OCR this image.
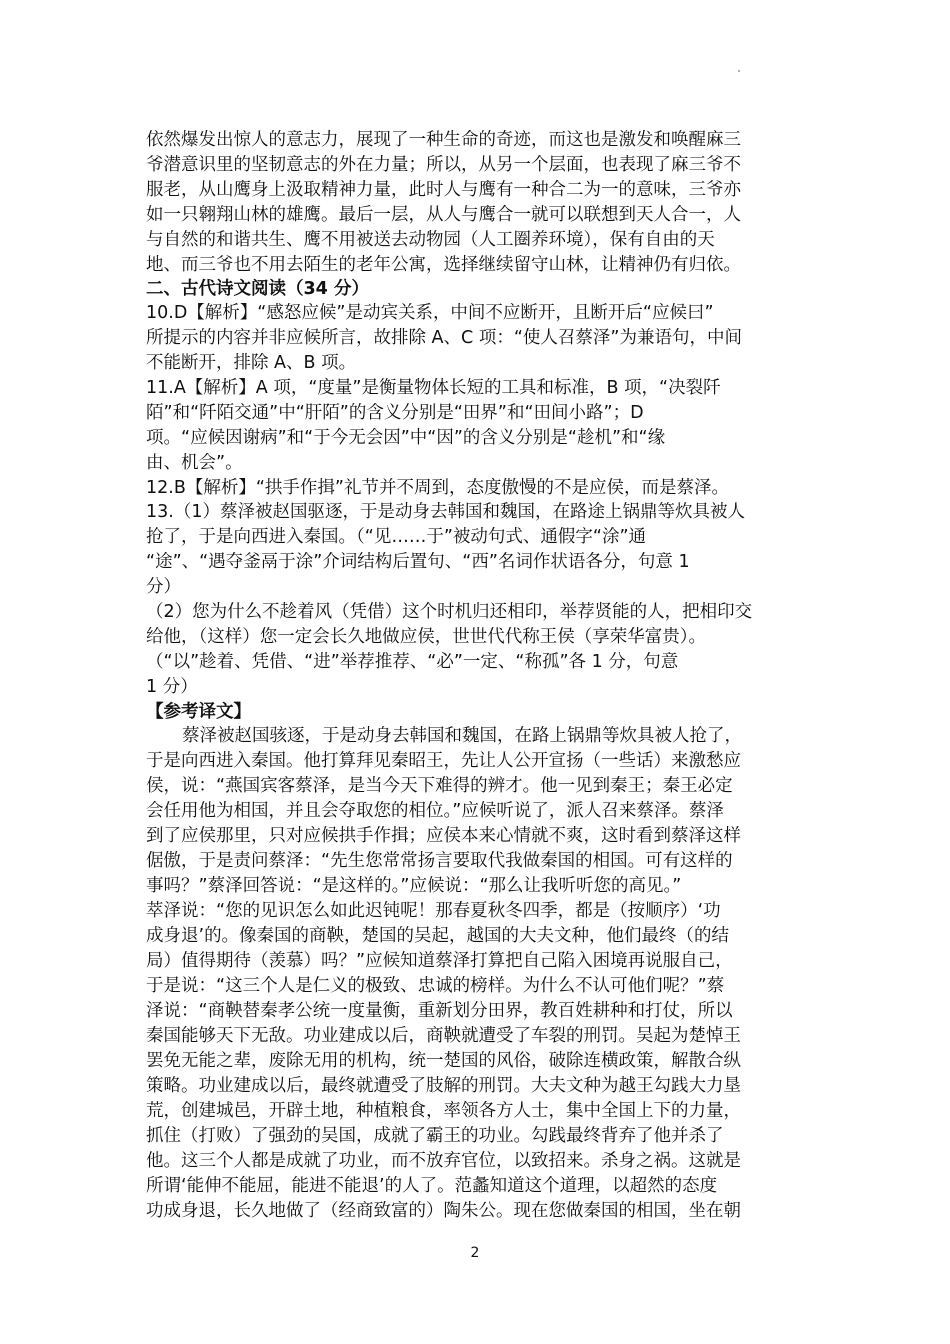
依然爆发出惊人的意志力，展现了一种生命的奇迹，而这也是激发和唤醒麻三
爷潜意识里的坚韧意志的外在力量；所以，从另一个层面，也表现了麻三爷不
服老，从山鹰身上汲取精神力量，此时人与鹰有一种合二为一的意味，三爷亦
如一只翱翔山林的雄鹰。最后一层，从人与鹰合一就可以联想到天人合一，人
与自然的和谐共生、鹰不用被送去动物园（人工圈养环境），保有自由的天
地、而三爷也不用去陌生的老年公寓，选择继续留守山林，让精神仍有归依。
二、古代诗文阅读（34 分）
10.D【解析】“感怒应候”是动宾关系，中间不应断开，且断开后“应候曰”
所提示的内容并非应候所言，故排除 A、C 项：“使人召蔡泽”为兼语句，中间
不能断开，排除 A、B 项。
11.A【解析】A 项，“度量”是衡量物体长短的工具和标准，B 项，“决裂阡
陌”和“阡陌交通”中“肝陌”的含义分别是“田界”和“田间小路”；D
项。“应候因谢病”和“于今无会因”中“因”的含义分别是“趁机”和“缘
由、机会”。
12.B【解析】“拱手作揖”礼节并不周到，态度傲慢的不是应侯，而是蔡泽。
13.（1）蔡泽被赵国驱逐，于是动身去韩国和魏国，在路途上锅鼎等炊具被人
抢了，于是向西进入秦国。（“见……于”被动句式、通假字“涂”通
“途”、“遇夺釜鬲于涂”介词结构后置句、“西”名词作状语各分，句意 1
分）
（2）您为什么不趁着风（凭借）这个时机归还相印，举荐贤能的人，把相印交
给他，（这样）您一定会长久地做应侯，世世代代称王侯（享荣华富贵）。
（“以”趁着、凭借、“进”举荐推荐、“必”一定、“称孤”各 1 分，句意
1 分）
【参考译文】
蔡泽被赵国骇逐，于是动身去韩国和魏国，在路上锅鼎等炊具被人抢了，
于是向西进入秦国。他打算拜见秦昭王，先让人公开宣扬（一些话）来激愁应
侯，说：“燕国宾客蔡泽，是当今天下难得的辨才。他一见到秦王；秦王必定
会任用他为相国，并且会夺取您的相位。”应候听说了，派人召来蔡泽。蔡泽
到了应侯那里，只对应候拱手作揖；应侯本来心情就不爽，这时看到蔡泽这样
倨傲，于是责问蔡泽：“先生您常常扬言要取代我做秦国的相国。可有这样的
事吗？”蔡泽回答说：“是这样的。”应候说：“那么让我听听您的高见。”
萃泽说：“您的见识怎么如此迟钝呢！那春夏秋冬四季，都是（按顺序）‘功
成身退’的。像秦国的商鞅，楚国的吴起，越国的大夫文种，他们最终（的结
局）值得期待（羡慕）吗？”应候知道蔡泽打算把自己陷入困境再说服自己，
于是说：“这三个人是仁义的极致、忠诚的榜样。为什么不认可他们呢？”蔡
泽说：“商鞅替秦孝公统一度量衡，重新划分田界，教百姓耕种和打仗，所以
秦国能够天下无敌。功业建成以后，商鞅就遭受了车裂的刑罚。吴起为楚悼王
罢免无能之辈，废除无用的机构，统一楚国的风俗，破除连横政策，解散合纵
策略。功业建成以后，最终就遭受了肢解的刑罚。大夫文种为越王勾践大力垦
荒，创建城邑，开辟土地，种植粮食，率领各方人士，集中全国上下的力量，
抓住（打败）了强劲的吴国，成就了霸王的功业。勾践最终背弃了他并杀了
他。这三个人都是成就了功业，而不放弃官位，以致招来。杀身之祸。这就是
所谓‘能伸不能屈，能进不能退’的人了。范蠡知道这个道理，以超然的态度
功成身退，长久地做了（经商致富的）陶朱公。现在您做秦国的相国，坐在朝
2
